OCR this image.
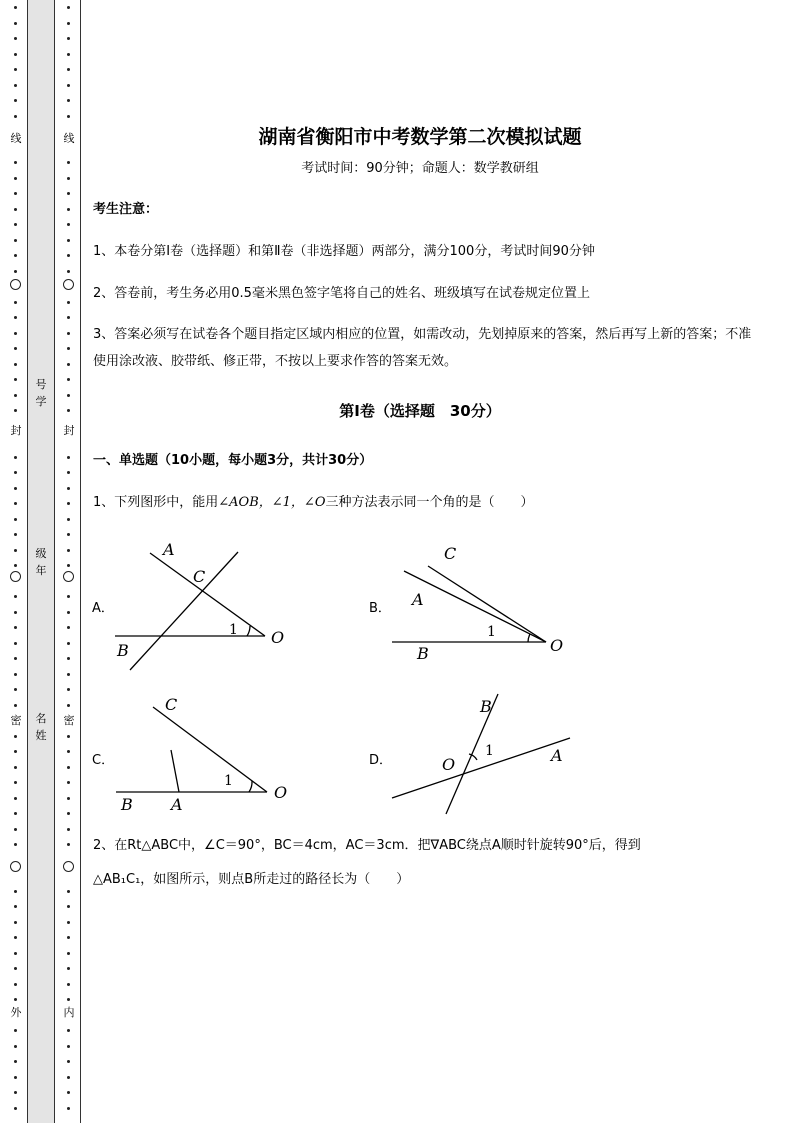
线
封
密
外
线
封
密
内
号学
级年
名姓
湖南省衡阳市中考数学第二次模拟试题
考试时间：90分钟；命题人：数学教研组
考生注意：
1、本卷分第I卷（选择题）和第Ⅱ卷（非选择题）两部分，满分100分，考试时间90分钟
2、答卷前，考生务必用0.5毫米黑色签字笔将自己的姓名、班级填写在试卷规定位置上
3、答案必须写在试卷各个题目指定区域内相应的位置，如需改动，先划掉原来的答案，然后再写上新的答案；不准使用涂改液、胶带纸、修正带，不按以上要求作答的答案无效。
第I卷（选择题　30分）
一、单选题（10小题，每小题3分，共计30分）
1、下列图形中，能用∠AOB，∠1，∠O三种方法表示同一个角的是（　　）
A．	B．
C．	D．
A
C
1 O
B
C
A
1
O
B
C
1
O
B A
B
1
O	A
2、在Rt△ABC中，∠C＝90°，BC＝4cm，AC＝3cm．把∇ABC绕点A顺时针旋转90°后，得到
△AB₁C₁，如图所示，则点B所走过的路径长为（　　）
